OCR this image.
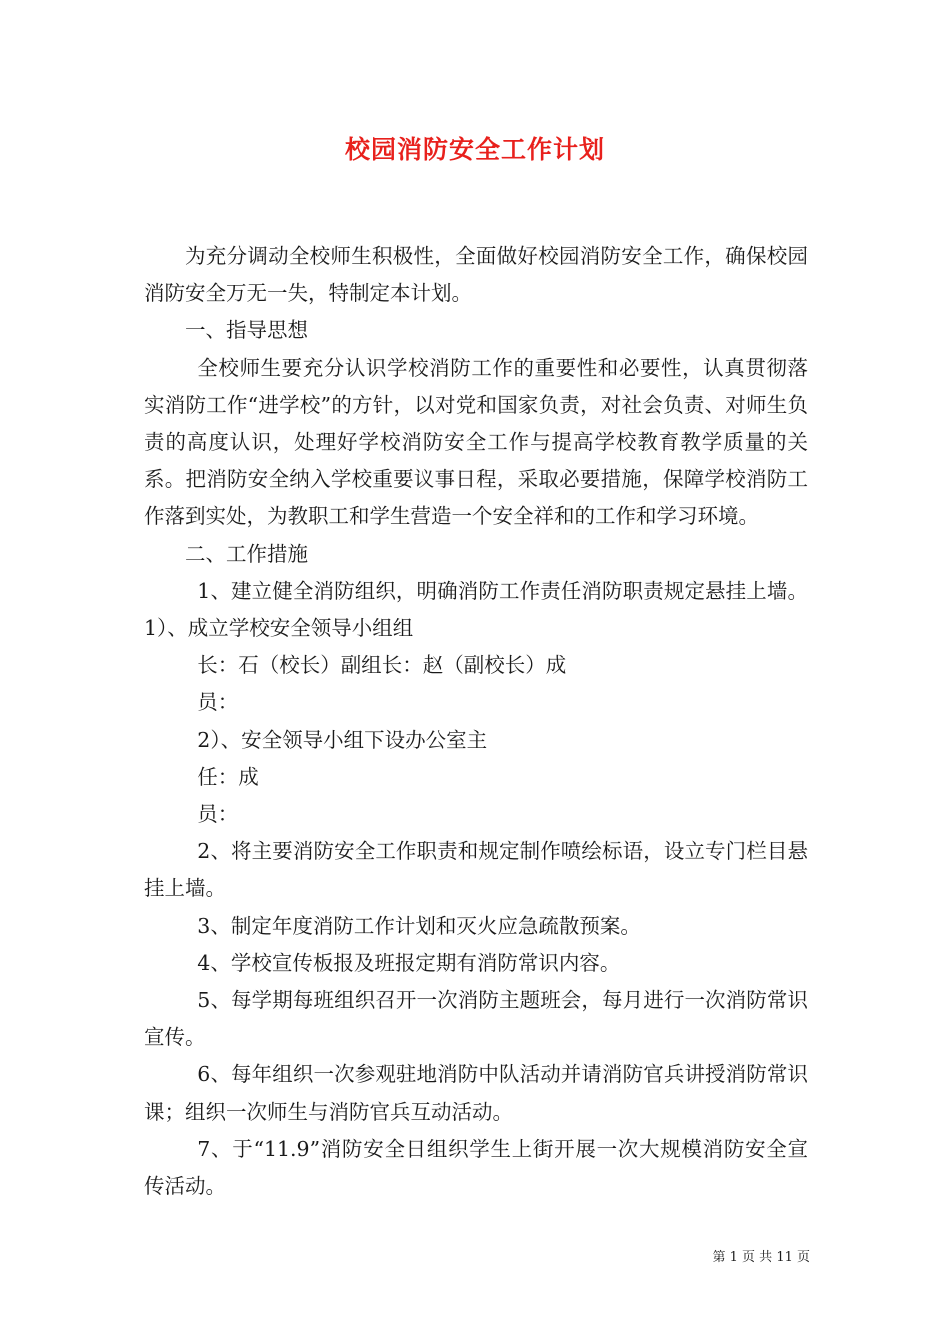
校园消防安全工作计划

为充分调动全校师生积极性，全面做好校园消防安全工作，确保校园消防安全万无一失，特制定本计划。

一、指导思想

全校师生要充分认识学校消防工作的重要性和必要性，认真贯彻落实消防工作“进学校”的方针，以对党和国家负责，对社会负责、对师生负责的高度认识，处理好学校消防安全工作与提高学校教育教学质量的关系。把消防安全纳入学校重要议事日程，采取必要措施，保障学校消防工作落到实处，为教职工和学生营造一个安全祥和的工作和学习环境。

二、工作措施

1、建立健全消防组织，明确消防工作责任消防职责规定悬挂上墙。1）、成立学校安全领导小组组

长：石（校长）副组长：赵（副校长）成

员：

2）、安全领导小组下设办公室主

任：成

员：

2、将主要消防安全工作职责和规定制作喷绘标语，设立专门栏目悬挂上墙。

3、制定年度消防工作计划和灭火应急疏散预案。

4、学校宣传板报及班报定期有消防常识内容。

5、每学期每班组织召开一次消防主题班会，每月进行一次消防常识宣传。

6、每年组织一次参观驻地消防中队活动并请消防官兵讲授消防常识课；组织一次师生与消防官兵互动活动。

7、于“11.9”消防安全日组织学生上街开展一次大规模消防安全宣传活动。

第 1 页 共 11 页
